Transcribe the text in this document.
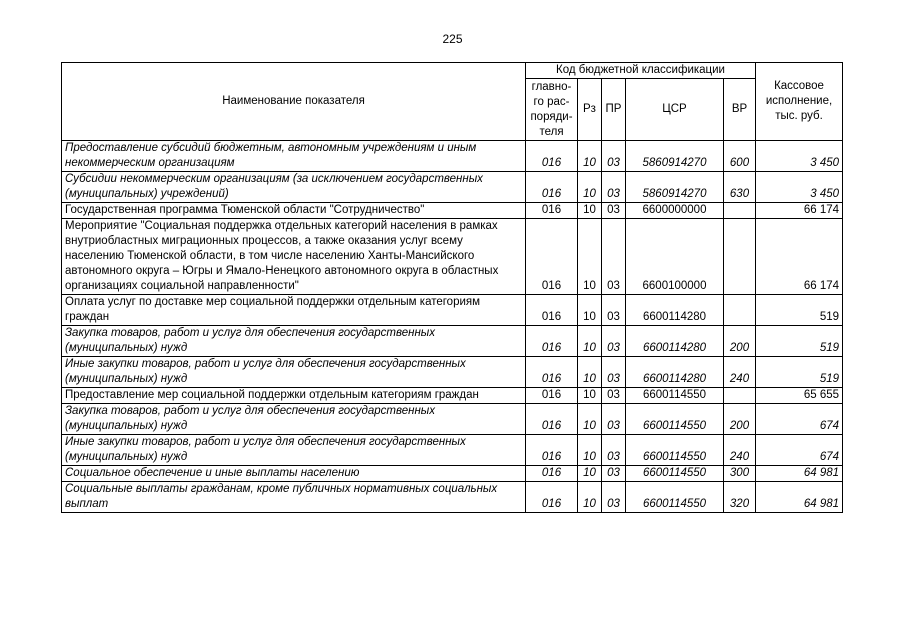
225
Наименование показателя	Код бюджетной классификации					Кассовое исполнение, тыс. руб.
	главно-го рас-поряди-теля	Рз	ПР	ЦСР	ВР	
Предоставление субсидий бюджетным, автономным учреждениям и иным некоммерческим организациям	016	10	03	5860914270	600	3 450
Субсидии некоммерческим организациям (за исключением государственных (муниципальных) учреждений)	016	10	03	5860914270	630	3 450
Государственная программа Тюменской области "Сотрудничество"	016	10	03	6600000000		66 174
Мероприятие "Социальная поддержка отдельных категорий населения в рамках внутриобластных миграционных процессов, а также оказания услуг всему населению Тюменской области, в том числе населению Ханты-Мансийского автономного округа – Югры и Ямало-Ненецкого автономного округа в областных организациях социальной направленности"	016	10	03	6600100000		66 174
Оплата услуг по доставке мер социальной поддержки отдельным категориям граждан	016	10	03	6600114280		519
Закупка товаров, работ и услуг для обеспечения государственных (муниципальных) нужд	016	10	03	6600114280	200	519
Иные закупки товаров, работ и услуг для обеспечения государственных (муниципальных) нужд	016	10	03	6600114280	240	519
Предоставление мер социальной поддержки отдельным категориям граждан	016	10	03	6600114550		65 655
Закупка товаров, работ и услуг для обеспечения государственных (муниципальных) нужд	016	10	03	6600114550	200	674
Иные закупки товаров, работ и услуг для обеспечения государственных (муниципальных) нужд	016	10	03	6600114550	240	674
Социальное обеспечение и иные выплаты населению	016	10	03	6600114550	300	64 981
Социальные выплаты гражданам, кроме публичных нормативных социальных выплат	016	10	03	6600114550	320	64 981
